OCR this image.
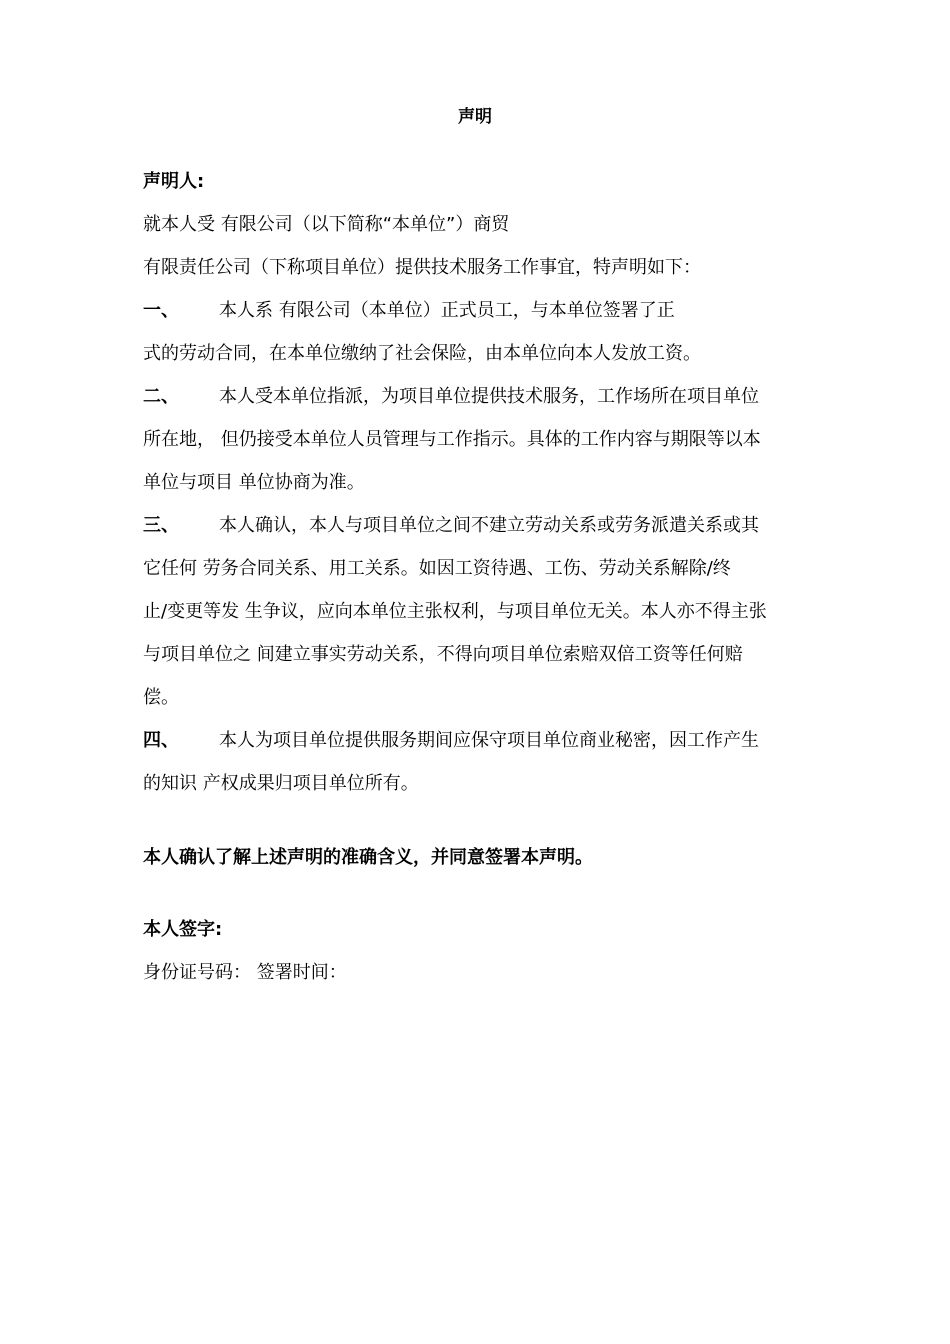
声明
声明人:
就本人受 有限公司（以下简称“本单位”）商贸
有限责任公司（下称项目单位）提供技术服务工作事宜，特声明如下：
一、 本人系 有限公司（本单位）正式员工，与本单位签署了正
式的劳动合同，在本单位缴纳了社会保险，由本单位向本人发放工资。
二、 本人受本单位指派，为项目单位提供技术服务，工作场所在项目单位
所在地， 但仍接受本单位人员管理与工作指示。具体的工作内容与期限等以本
单位与项目 单位协商为准。
三、 本人确认，本人与项目单位之间不建立劳动关系或劳务派遣关系或其
它任何 劳务合同关系、用工关系。如因工资待遇、工伤、劳动关系解除/终
止/变更等发 生争议，应向本单位主张权利，与项目单位无关。本人亦不得主张
与项目单位之 间建立事实劳动关系，不得向项目单位索赔双倍工资等任何赔
偿。
四、 本人为项目单位提供服务期间应保守项目单位商业秘密，因工作产生
的知识 产权成果归项目单位所有。
本人确认了解上述声明的准确含义，并同意签署本声明。
本人签字:
身份证号码： 签署时间：
